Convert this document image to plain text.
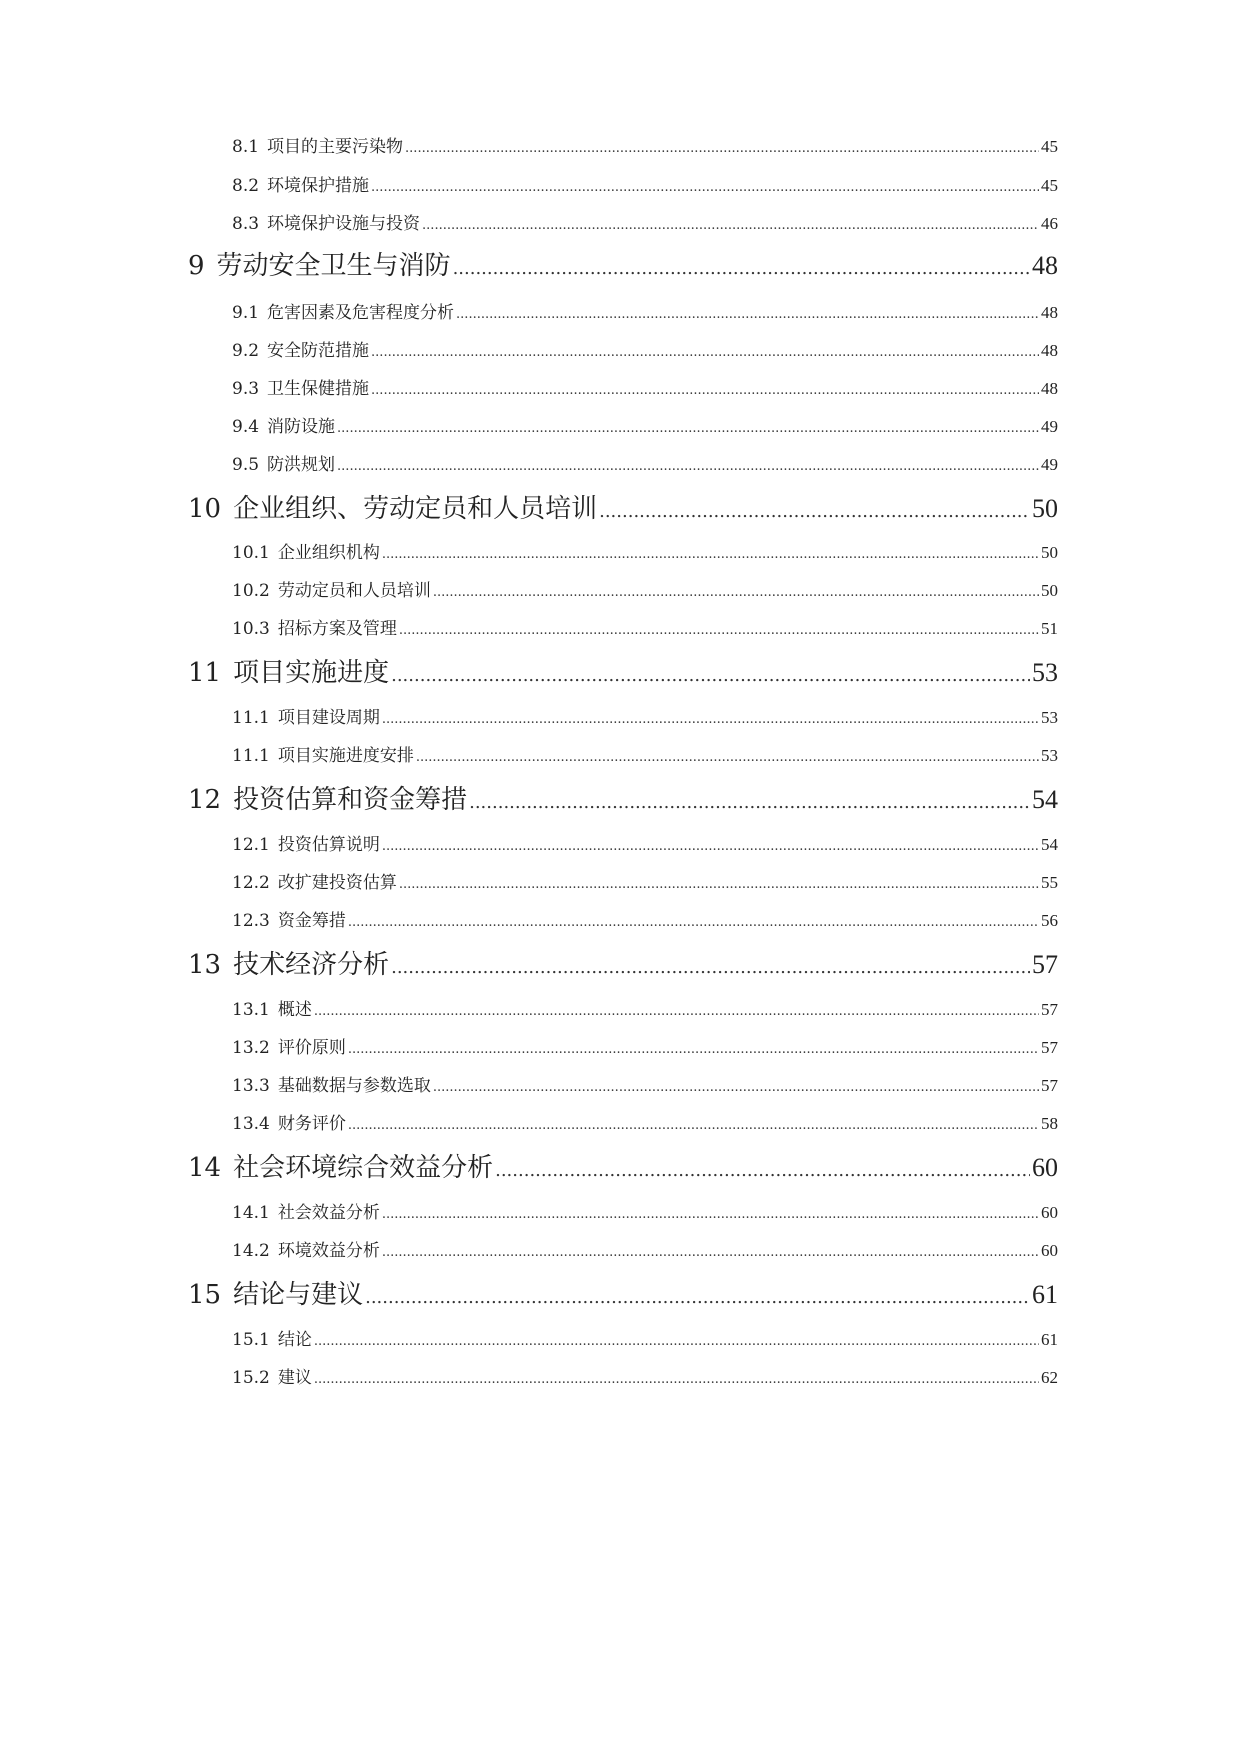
8.1 项目的主要污染物 .....	45
8.2 环境保护措施 .....	45
8.3 环境保护设施与投资 .....	46
9 劳动安全卫生与消防 .....	48
9.1 危害因素及危害程度分析 .....	48
9.2 安全防范措施 .....	48
9.3 卫生保健措施 .....	48
9.4 消防设施 .....	49
9.5 防洪规划 .....	49
10 企业组织、劳动定员和人员培训 .....	50
10.1 企业组织机构 .....	50
10.2 劳动定员和人员培训 .....	50
10.3 招标方案及管理 .....	51
11 项目实施进度 .....	53
11.1 项目建设周期 .....	53
11.1 项目实施进度安排 .....	53
12 投资估算和资金筹措 .....	54
12.1 投资估算说明 .....	54
12.2 改扩建投资估算 .....	55
12.3 资金筹措 .....	56
13 技术经济分析 .....	57
13.1 概述 .....	57
13.2 评价原则 .....	57
13.3 基础数据与参数选取 .....	57
13.4 财务评价 .....	58
14 社会环境综合效益分析 .....	60
14.1 社会效益分析 .....	60
14.2 环境效益分析 .....	60
15 结论与建议 .....	61
15.1 结论 .....	61
15.2 建议 .....	62
